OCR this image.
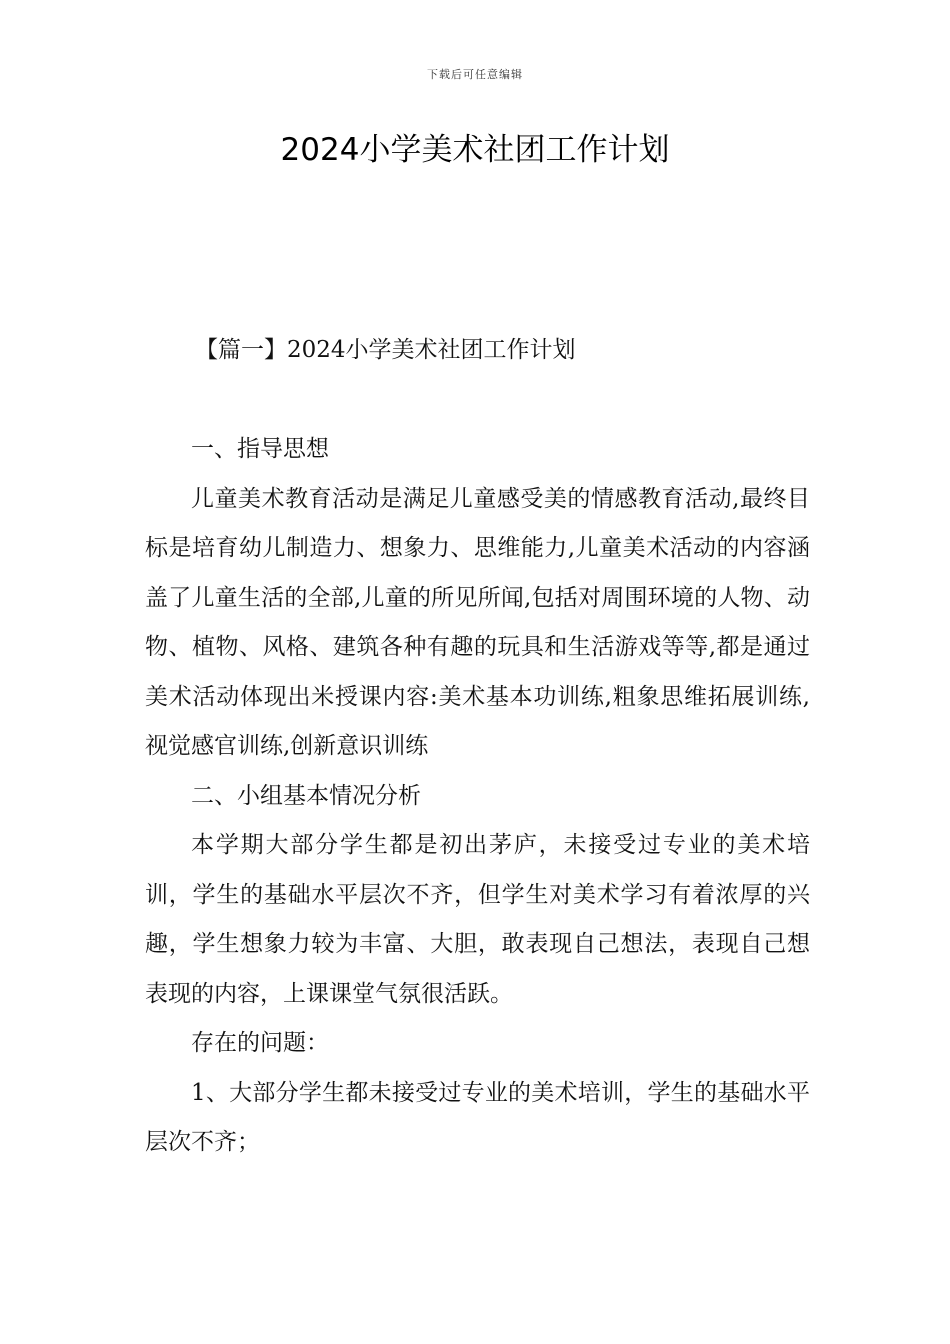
下载后可任意编辑
2024小学美术社团工作计划
【篇一】2024小学美术社团工作计划

一、指导思想

儿童美术教育活动是满足儿童感受美的情感教育活动,最终目标是培育幼儿制造力、想象力、思维能力,儿童美术活动的内容涵盖了儿童生活的全部,儿童的所见所闻,包括对周围环境的人物、动物、植物、风格、建筑各种有趣的玩具和生活游戏等等,都是通过美术活动体现出米授课内容:美术基本功训练,粗象思维拓展训练,视觉感官训练,创新意识训练

二、小组基本情况分析

本学期大部分学生都是初出茅庐，未接受过专业的美术培训，学生的基础水平层次不齐，但学生对美术学习有着浓厚的兴趣，学生想象力较为丰富、大胆，敢表现自己想法，表现自己想表现的内容，上课课堂气氛很活跃。

存在的问题：

1、大部分学生都未接受过专业的美术培训，学生的基础水平层次不齐；
